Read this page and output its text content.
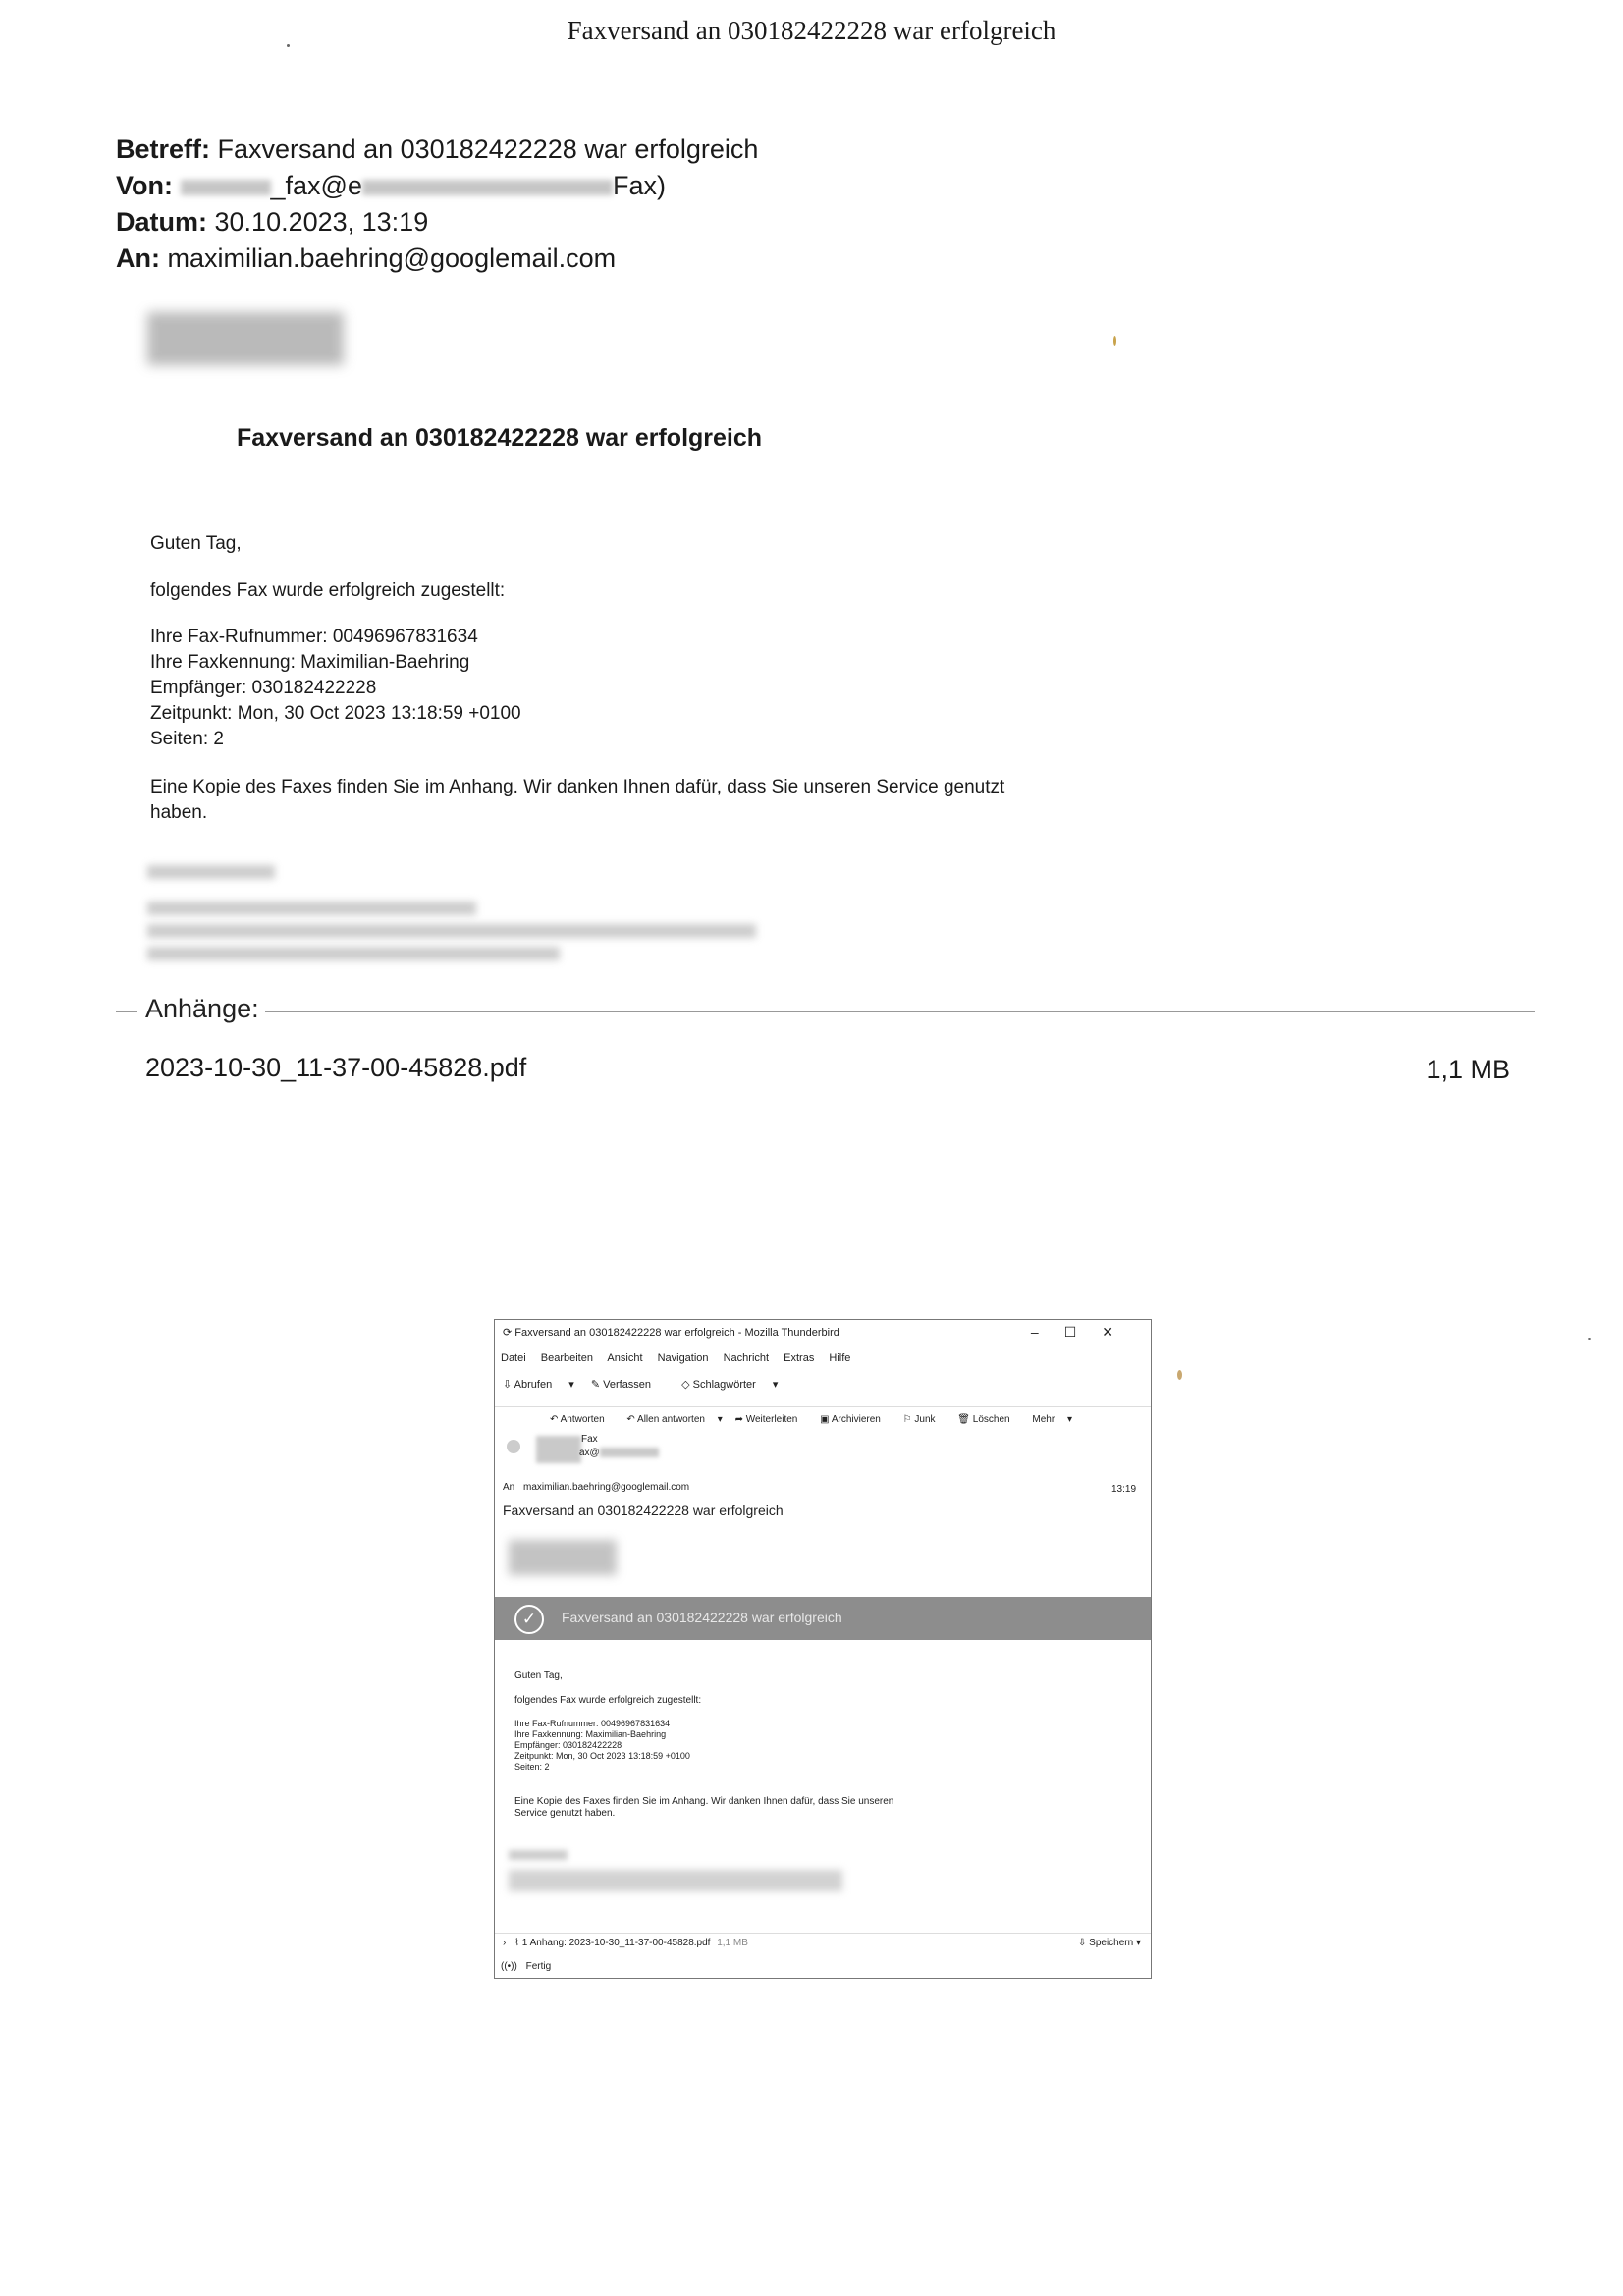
Faxversand an 030182422228 war erfolgreich
Betreff: Faxversand an 030182422228 war erfolgreich
Von:	_fax@e	Fax)
Datum: 30.10.2023, 13:19
An: maximilian.baehring@googlemail.com
Faxversand an 030182422228 war erfolgreich
Guten Tag,
folgendes Fax wurde erfolgreich zugestellt:
Ihre Fax-Rufnummer: 00496967831634
Ihre Faxkennung: Maximilian-Baehring
Empfänger: 030182422228
Zeitpunkt: Mon, 30 Oct 2023 13:18:59 +0100
Seiten: 2
Eine Kopie des Faxes finden Sie im Anhang. Wir danken Ihnen dafür, dass Sie unseren Service genutzt
haben.
Anhänge:
2023-10-30_11-37-00-45828.pdf	1,1 MB
⟳ Faxversand an 030182422228 war erfolgreich - Mozilla Thunderbird	–☐✕
Datei Bearbeiten Ansicht Navigation Nachricht Extras Hilfe
⇩ Abrufen ▾ ✎ Verfassen	◇ Schlagwörter ▾
↶ Antworten ↶ Allen antworten ▾ ➦ Weiterleiten ▣ Archivieren ⚐ Junk 🗑 Löschen Mehr ▾
Fax
ax@
An maximilian.baehring@googlemail.com	13:19
Faxversand an 030182422228 war erfolgreich
✓	Faxversand an 030182422228 war erfolgreich
Guten Tag,
folgendes Fax wurde erfolgreich zugestellt:
Ihre Fax-Rufnummer: 00496967831634
Ihre Faxkennung: Maximilian-Baehring
Empfänger: 030182422228
Zeitpunkt: Mon, 30 Oct 2023 13:18:59 +0100
Seiten: 2
Eine Kopie des Faxes finden Sie im Anhang. Wir danken Ihnen dafür, dass Sie unseren
Service genutzt haben.
› ⌇ 1 Anhang: 2023-10-30_11-37-00-45828.pdf 1,1 MB	⇩ Speichern ▾
((•)) Fertig
